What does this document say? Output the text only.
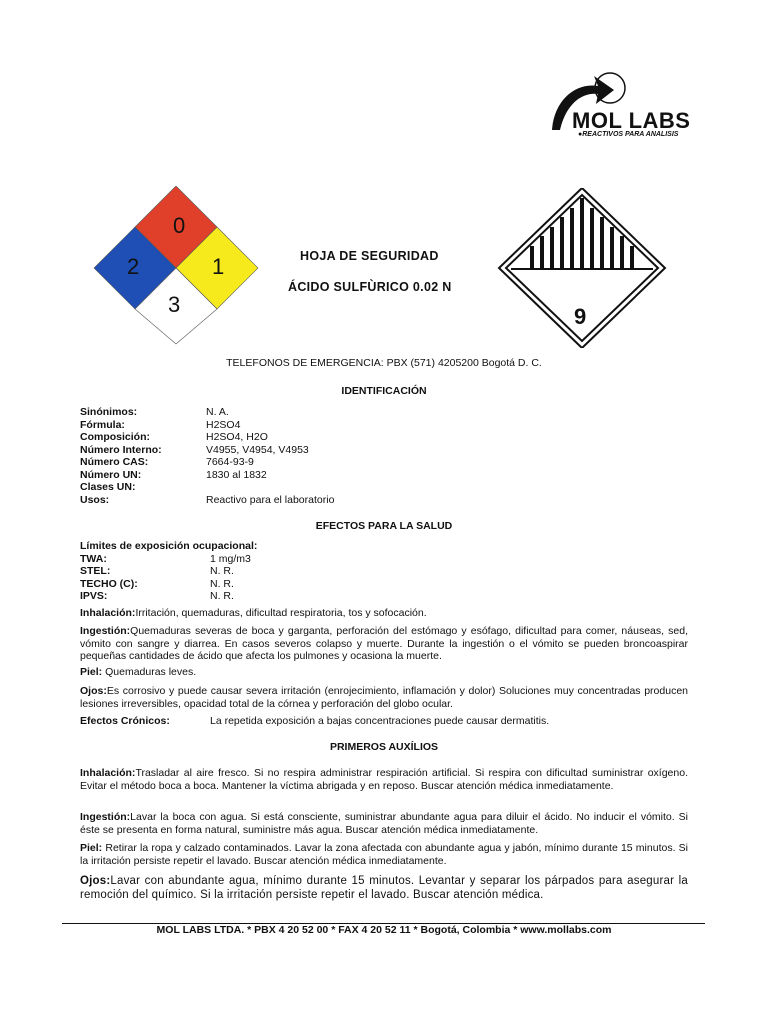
MOL LABS
●REACTIVOS PARA ANALISIS
0
2	1
3
HOJA DE SEGURIDAD
ÁCIDO SULFÙRICO 0.02 N
9
TELEFONOS DE EMERGENCIA: PBX (571) 4205200 Bogotá D. C.
IDENTIFICACIÓN
Sinónimos:	N. A.
Fórmula:	H2SO4
Composición:	H2SO4, H2O
Número Interno:	V4955, V4954, V4953
Número CAS:	7664-93-9
Número UN:	1830 al 1832
Clases UN:
Usos:	Reactivo para el laboratorio
EFECTOS PARA LA SALUD
Límites de exposición ocupacional:
TWA:	1 mg/m3
STEL:	N. R.
TECHO (C):	N. R.
IPVS:	N. R.
Inhalación:Irritación, quemaduras, dificultad respiratoria, tos y sofocación.
Ingestión:Quemaduras severas de boca y garganta, perforación del estómago y esófago, dificultad para comer, náuseas, sed, vómito con sangre y diarrea. En casos severos colapso y muerte. Durante la ingestión o el vómito se pueden broncoaspirar pequeñas cantidades de ácido que afecta los pulmones y ocasiona la muerte.
Piel: Quemaduras leves.
Ojos:Es corrosivo y puede causar severa irritación (enrojecimiento, inflamación y dolor) Soluciones muy concentradas producen lesiones irreversibles, opacidad total de la córnea y perforación del globo ocular.
Efectos Crónicos:	La repetida exposición a bajas concentraciones puede causar dermatitis.
PRIMEROS AUXÍLIOS
Inhalación:Trasladar al aire fresco. Si no respira administrar respiración artificial. Si respira con dificultad suministrar oxígeno. Evitar el método boca a boca. Mantener la víctima abrigada y en reposo. Buscar atención médica inmediatamente.
Ingestión:Lavar la boca con agua. Si está consciente, suministrar abundante agua para diluir el ácido. No inducir el vómito. Si éste se presenta en forma natural, suministre más agua. Buscar atención médica inmediatamente.
Piel: Retirar la ropa y calzado contaminados. Lavar la zona afectada con abundante agua y jabón, mínimo durante 15 minutos. Si la irritación persiste repetir el lavado. Buscar atención médica inmediatamente.
Ojos:Lavar con abundante agua, mínimo durante 15 minutos. Levantar y separar los párpados para asegurar la remoción del químico. Si la irritación persiste repetir el lavado. Buscar atención médica.
MOL LABS LTDA. * PBX 4 20 52 00 * FAX 4 20 52 11 * Bogotá, Colombia * www.mollabs.com
